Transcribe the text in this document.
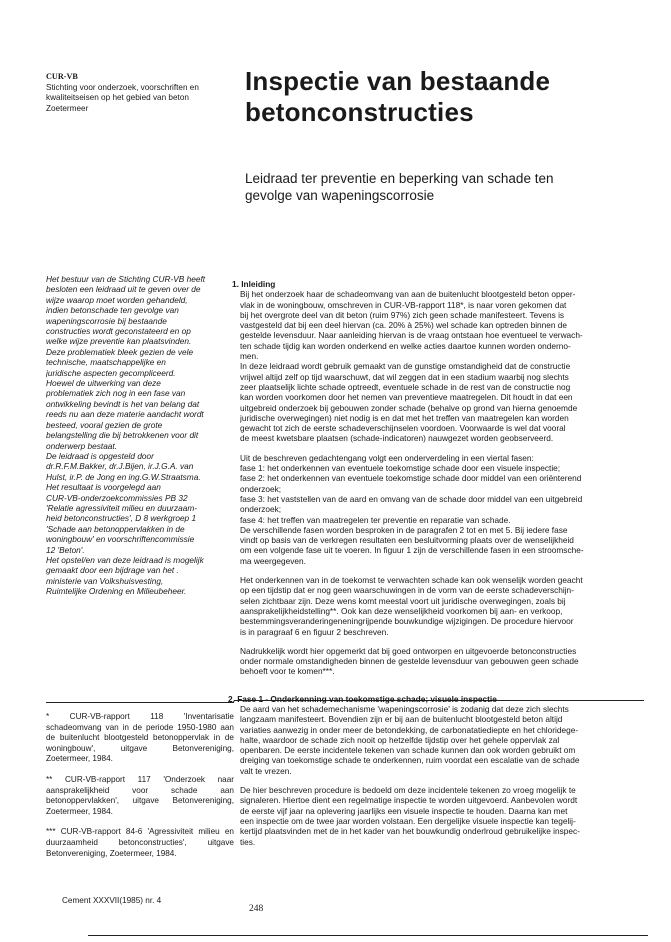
CUR-VB
Stichting voor onderzoek, voorschriften en
kwaliteitseisen op het gebied van beton
Zoetermeer
Inspectie van bestaande
betonconstructies
Leidraad ter preventie en beperking van schade ten
gevolge van wapeningscorrosie
Het bestuur van de Stichting CUR-VB heeft
besloten een leidraad uit te geven over de
wijze waarop moet worden gehandeld,
indien betonschade ten gevolge van
wapeningscorrosie bij bestaande
constructies wordt geconstateerd en op
welke wijze preventie kan plaatsvinden.
Deze problematiek bleek gezien de vele
technische, maatschappelijke en
juridische aspecten gecompliceerd.
Hoewel de uitwerking van deze
problematiek zich nog in een fase van
ontwikkeling bevindt is het van belang dat
reeds nu aan deze materie aandacht wordt
besteed, vooral gezien de grote
belangstelling die bij betrokkenen voor dit
onderwerp bestaat.
De leidraad is opgesteld door
dr.R.F.M.Bakker, dr.J.Bijen, ir.J.G.A. van
Hulst, ir.P. de Jong en ing.G.W.Straatsma.
Het resultaat is voorgelegd aan
CUR-VB-onderzoekcommissies PB 32
'Relatie agressiviteit milieu en duurzaam-
heid betonconstructies', D 8 werkgroep 1
'Schade aan betonoppervlakken in de
woningbouw' en voorschriftencommissie
12 'Beton'.
Het opstel/en van deze leidraad is mogelijk
gemaakt door een bijdrage van het .
ministerie van Volkshuisvesting,
Ruimtelijke Ordening en Milieubeheer.

* CUR-VB-rapport 118 'Inventarisatie schadeomvang van in de periode 1950-1980 aan de buitenlucht blootgesteld betonoppervlak in de woningbouw', uitgave Betonvereniging, Zoetermeer, 1984.

** CUR-VB-rapport 117 'Onderzoek naar aansprakelijkheid voor schade aan betonoppervlakken', uitgave Betonvereniging, Zoetermeer, 1984.

*** CUR-VB-rapport 84-6 'Agressiviteit milieu en duurzaamheid betonconstructies', uitgave Betonvereniging, Zoetermeer, 1984.

1. Inleiding
Bij het onderzoek haar de schadeomvang van aan de buitenlucht blootgesteld beton opper-
vlak in de woningbouw, omschreven in CUR-VB-rapport 118*, is naar voren gekomen dat
bij het overgrote deel van dit beton (ruim 97%) zich geen schade manifesteert. Tevens is
vastgesteld dat bij een deel hiervan (ca. 20% à 25%) wel schade kan optreden binnen de
gestelde levensduur. Naar aanleiding hiervan is de vraag ontstaan hoe eventueel te verwach-
ten schade tijdig kan worden onderkend en welke acties daartoe kunnen worden onderno-
men.
In deze leidraad wordt gebruik gemaakt van de gunstige omstandigheid dat de constructie
vrijwel altijd zelf op tijd waarschuwt, dat wil zeggen dat in een stadium waarbij nog slechts
zeer plaatselijk lichte schade optreedt, eventuele schade in de rest van de constructie nog
kan worden voorkomen door het nemen van preventieve maatregelen. Dit houdt in dat een
uitgebreid onderzoek bij gebouwen zonder schade (behalve op grond van hierna genoemde
juridische overwegingen) niet nodig is en dat met het treffen van maatregelen kan worden
gewacht tot zich de eerste schadeverschijnselen voordoen. Voorwaarde is wel dat vooral
de meest kwetsbare plaatsen (schade-indicatoren) nauwgezet worden geobserveerd.
Uit de beschreven gedachtengang volgt een onderverdeling in een viertal fasen:
fase 1: het onderkennen van eventuele toekomstige schade door een visuele inspectie;
fase 2: het onderkennen van eventuele toekomstige schade door middel van een oriënterend
onderzoek;
fase 3: het vaststellen van de aard en omvang van de schade door middel van een uitgebreid
onderzoek;
fase 4: het treffen van maatregelen ter preventie en reparatie van schade.
De verschillende fasen worden besproken in de paragrafen 2 tot en met 5. Bij iedere fase
vindt op basis van de verkregen resultaten een besluitvorming plaats over de wenselijkheid
om een volgende fase uit te voeren. In figuur 1 zijn de verschillende fasen in een stroomsche-
ma weergegeven.
Het onderkennen van in de toekomst te verwachten schade kan ook wenselijk worden geacht
op een tijdstip dat er nog geen waarschuwingen in de vorm van de eerste schadeverschijn-
selen zichtbaar zijn. Deze wens komt meestal voort uit juridische overwegingen, zoals bij
aansprakelijkheidstelling**. Ook kan deze wenselijkheid voorkomen bij aan- en verkoop,
bestemmingsveranderingeneningrijpende bouwkundige wijzigingen. De procedure hiervoor
is in paragraaf 6 en figuur 2 beschreven.
Nadrukkelijk wordt hier opgemerkt dat bij goed ontworpen en uitgevoerde betonconstructies
onder normale omstandigheden binnen de gestelde levensduur van gebouwen geen schade
behoeft voor te komen***.
2. Fase 1 - Onderkenning van toekomstige schade; visuele inspectie
De aard van het schademechanisme 'wapeningscorrosie' is zodanig dat deze zich slechts
langzaam manifesteert. Bovendien zijn er bij aan de buitenlucht blootgesteld beton altijd
variaties aanwezig in onder meer de betondekking, de carbonatatiediepte en het chloridege-
halte, waardoor de schade zich nooit op hetzelfde tijdstip over het gehele oppervlak zal
openbaren. De eerste incidentele tekenen van schade kunnen dan ook worden gebruikt om
dreiging van toekomstige schade te onderkennen, ruim voordat een escalatie van de schade
valt te vrezen.
De hier beschreven procedure is bedoeld om deze incidentele tekenen zo vroeg mogelijk te
signaleren. Hiertoe dient een regelmatige inspectie te worden uitgevoerd. Aanbevolen wordt
de eerste vijf jaar na oplevering jaarlijks een visuele inspectie te houden. Daarna kan met
een inspectie om de twee jaar worden volstaan. Een dergelijke visuele inspectie kan tegelij-
kertijd plaatsvinden met de in het kader van het bouwkundig onderlroud gebruikelijke inspec-
ties.
Cement XXXVII(1985) nr. 4
248
